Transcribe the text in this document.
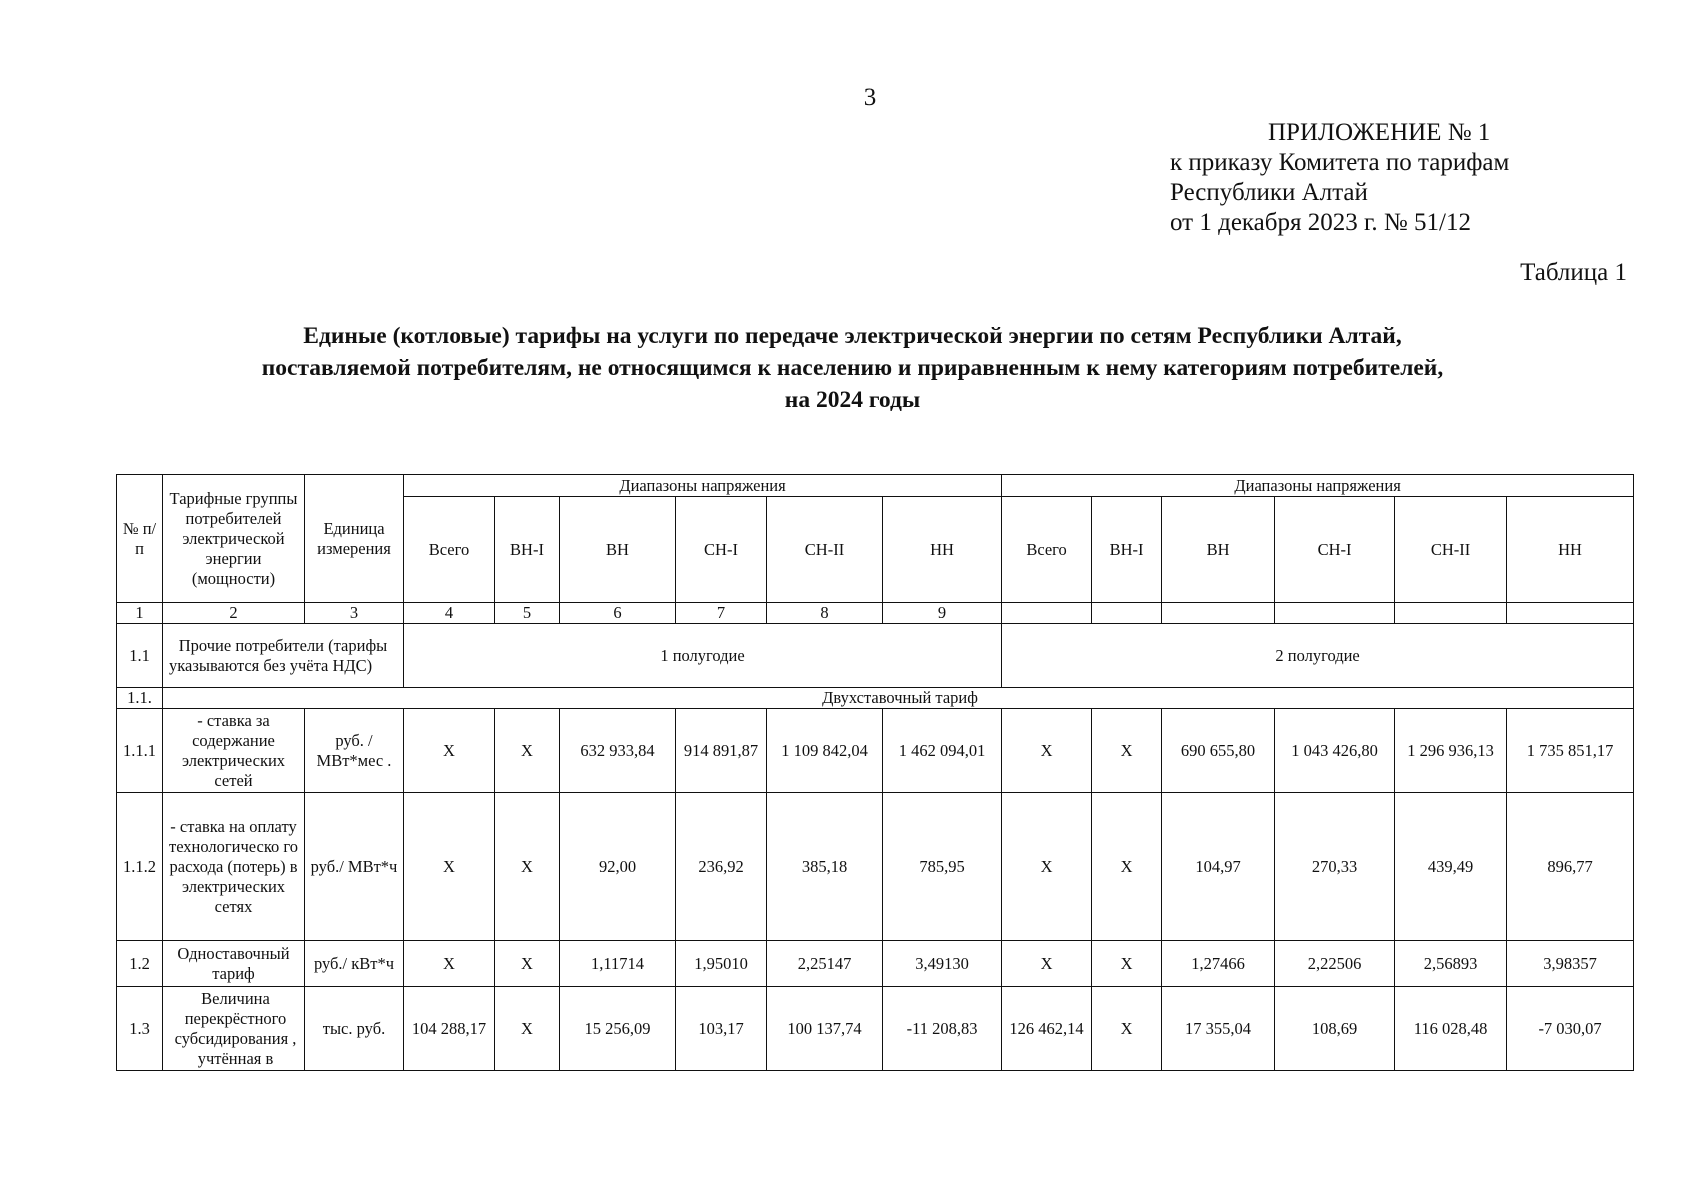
3
ПРИЛОЖЕНИЕ № 1
к приказу Комитета по тарифам
Республики Алтай
от 1 декабря 2023 г. № 51/12
Таблица 1
Единые (котловые) тарифы на услуги по передаче электрической энергии по сетям Республики Алтай,
поставляемой потребителям, не относящимся к населению и приравненным к нему категориям потребителей,
на 2024 годы
№ п/п	Тарифные группы потребителей электрической энергии (мощности)	Единица измерения	Диапазоны напряжения						Диапазоны напряжения					
			Всего	ВН-I	ВН	СН-I	СН-II	НН	Всего	ВН-I	ВН	СН-I	СН-II	НН
1	2	3	4	5	6	7	8	9						
1.1	Прочие потребители (тарифы указываются без учёта НДС)		1 полугодие						2 полугодие					
1.1.	Двухставочный тариф													
1.1.1	- ставка за содержание электрических сетей	руб. /МВт*мес .	X	X	632 933,84	914 891,87	1 109 842,04	1 462 094,01	X	X	690 655,80	1 043 426,80	1 296 936,13	1 735 851,17
1.1.2	- ставка на оплату технологическо го расхода (потерь) в электрических сетях	руб./ МВт*ч	X	X	92,00	236,92	385,18	785,95	X	X	104,97	270,33	439,49	896,77
1.2	Одноставочный тариф	руб./ кВт*ч	X	X	1,11714	1,95010	2,25147	3,49130	X	X	1,27466	2,22506	2,56893	3,98357
1.3	Величина перекрёстного субсидирования , учтённая в	тыс. руб.	104 288,17	X	15 256,09	103,17	100 137,74	-11 208,83	126 462,14	X	17 355,04	108,69	116 028,48	-7 030,07
